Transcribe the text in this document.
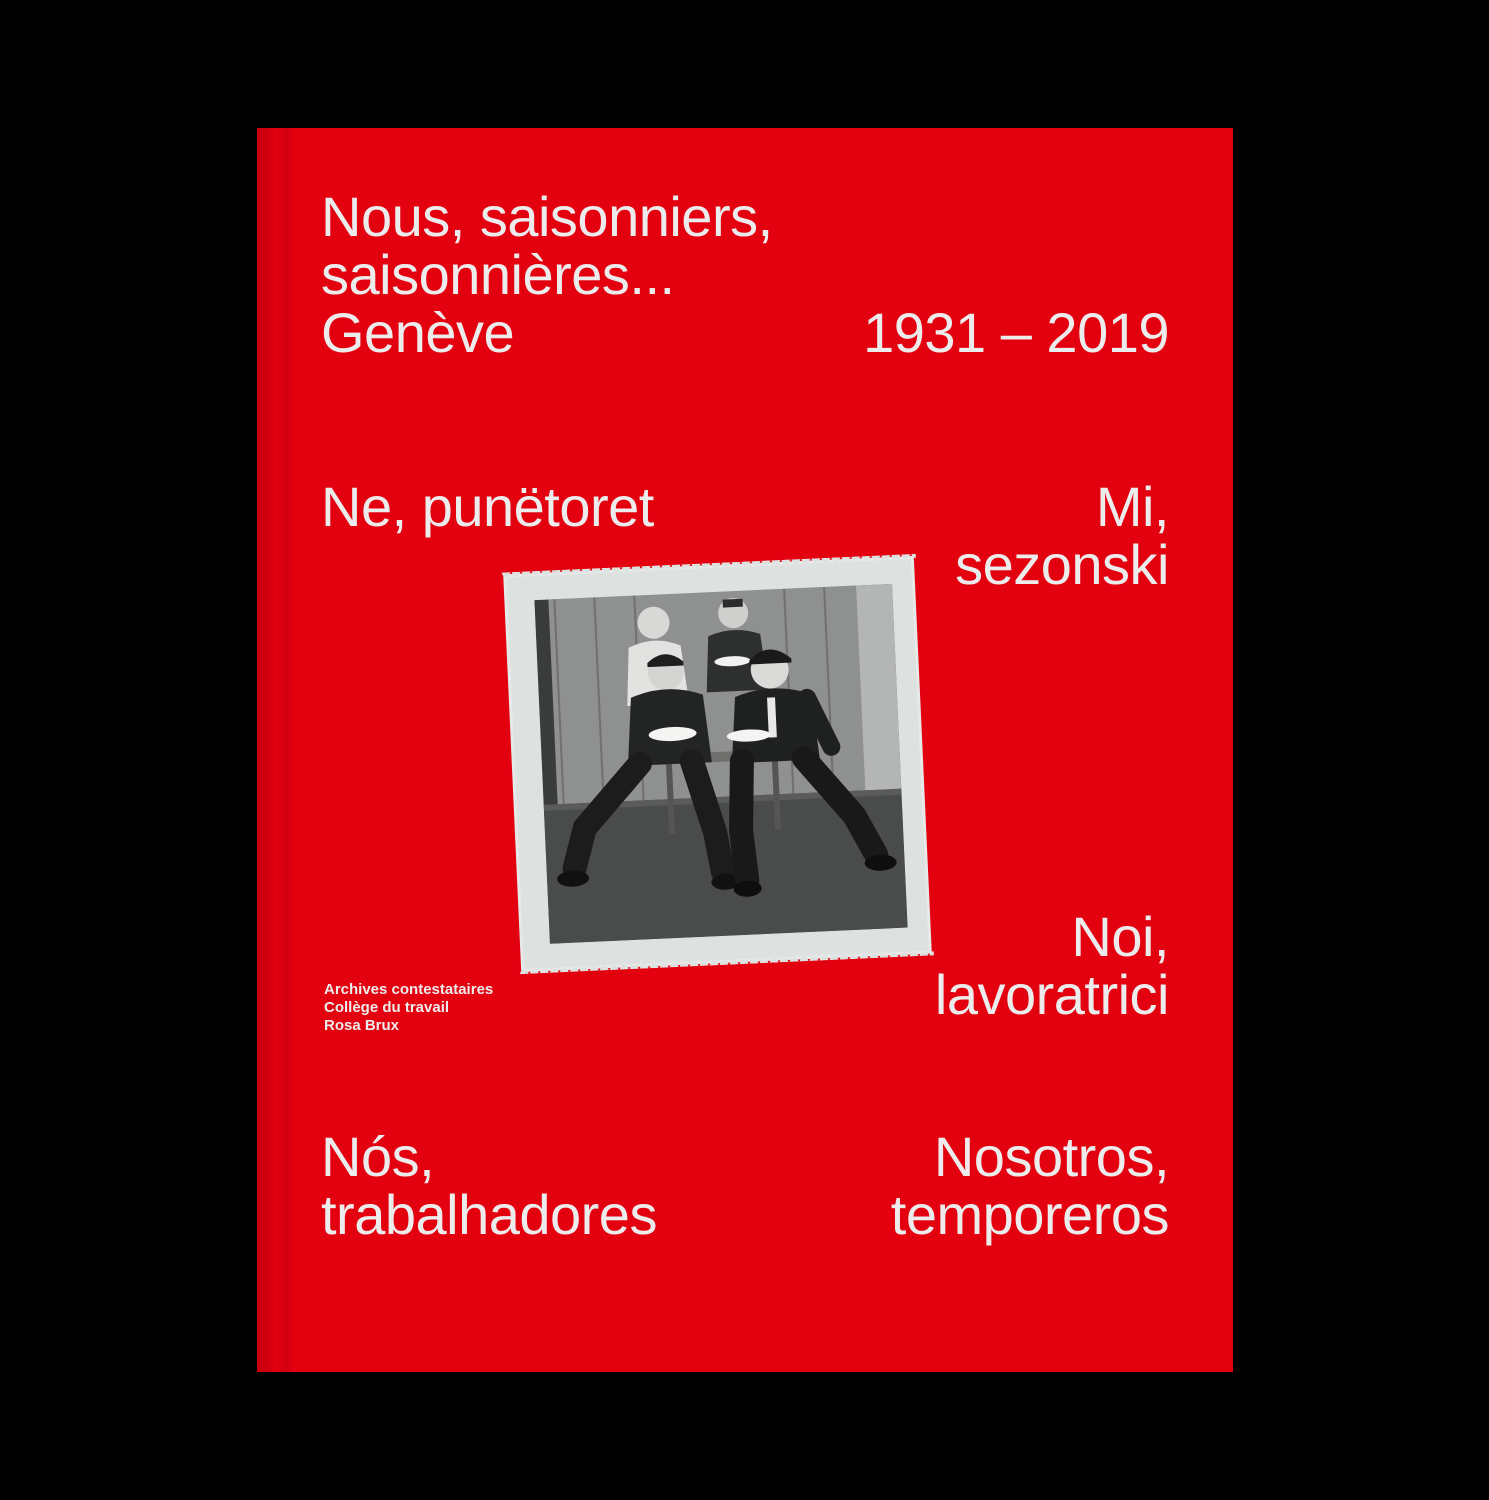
Nous, saisonniers,
saisonnières...
Genève	1931 – 2019
Ne, punëtoret	Mi,
sezonski
Noi,
lavoratrici
Archives contestataires
Collège du travail
Rosa Brux
Nós,
trabalhadores
Nosotros,
temporeros
